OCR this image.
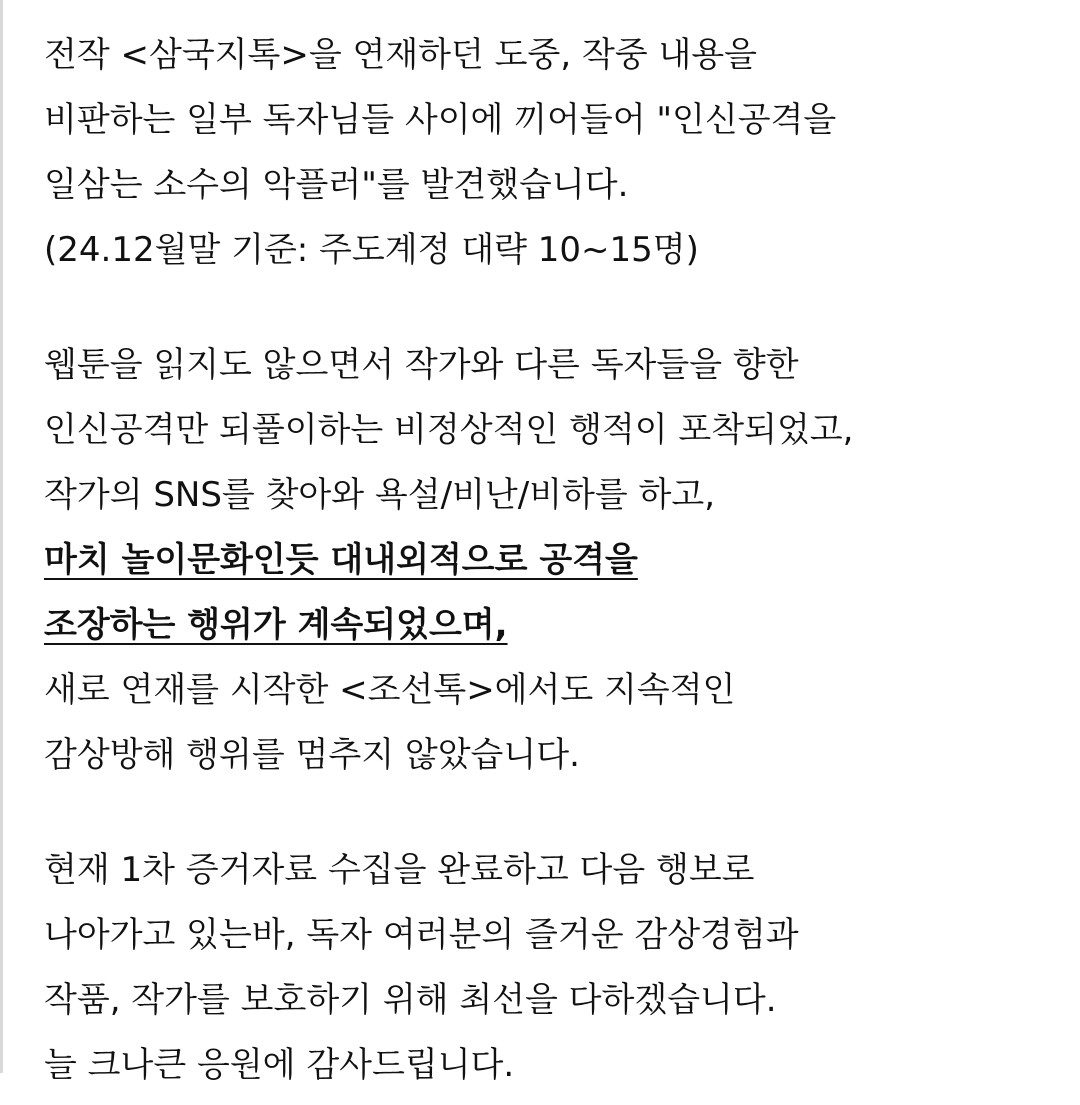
전작 <삼국지톡>을 연재하던 도중, 작중 내용을
비판하는 일부 독자님들 사이에 끼어들어 "인신공격을
일삼는 소수의 악플러"를 발견했습니다.
(24.12월말 기준: 주도계정 대략 10~15명)
웹툰을 읽지도 않으면서 작가와 다른 독자들을 향한
인신공격만 되풀이하는 비정상적인 행적이 포착되었고,
작가의 SNS를 찾아와 욕설/비난/비하를 하고,
마치 놀이문화인듯 대내외적으로 공격을
조장하는 행위가 계속되었으며,
새로 연재를 시작한 <조선톡>에서도 지속적인
감상방해 행위를 멈추지 않았습니다.
현재 1차 증거자료 수집을 완료하고 다음 행보로
나아가고 있는바, 독자 여러분의 즐거운 감상경험과
작품, 작가를 보호하기 위해 최선을 다하겠습니다.
늘 크나큰 응원에 감사드립니다.
